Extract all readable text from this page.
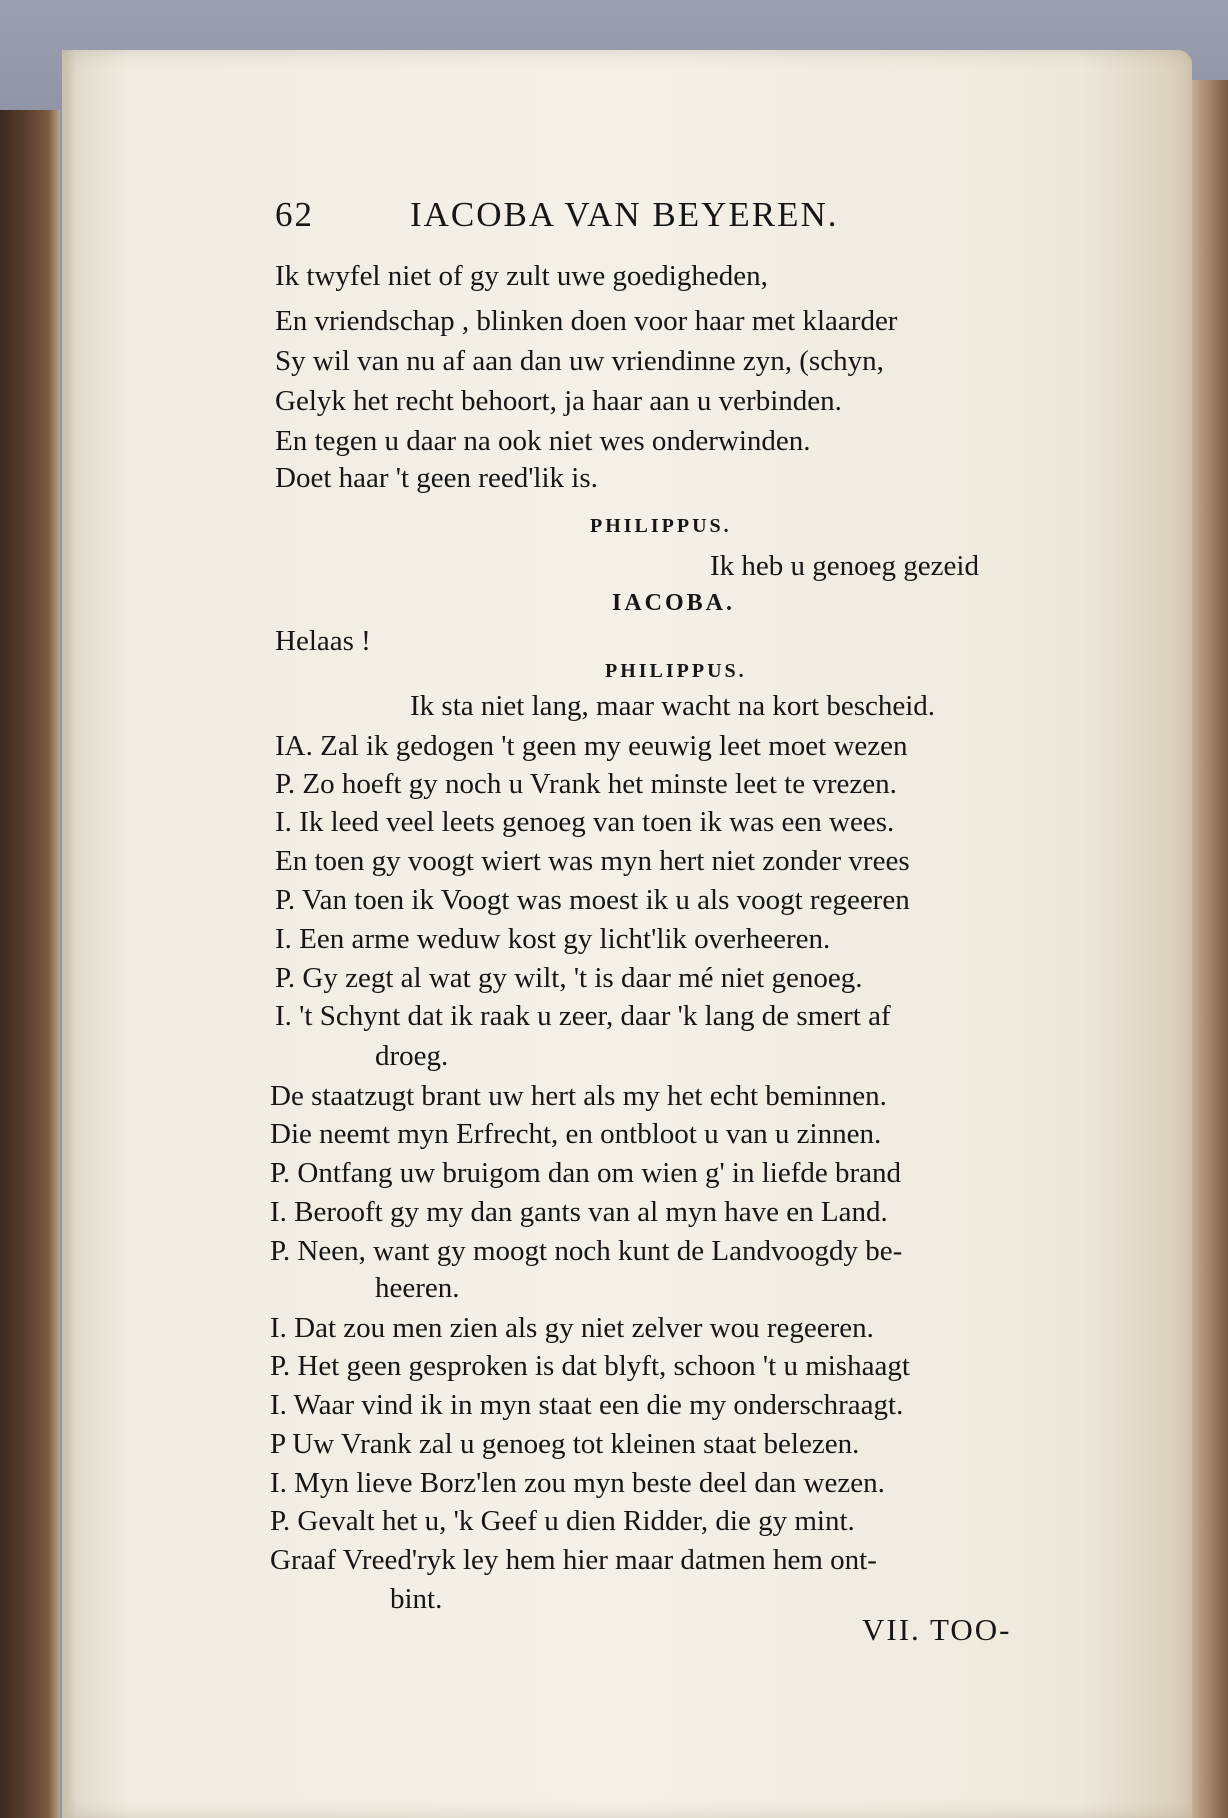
62	IACOBA VAN BEYEREN.
Ik twyfel niet of gy zult uwe goedigheden,
En vriendschap , blinken doen voor haar met klaarder
Sy wil van nu af aan dan uw vriendinne zyn, (schyn,
Gelyk het recht behoort, ja haar aan u verbinden.
En tegen u daar na ook niet wes onderwinden.
Doet haar 't geen reed'lik is.
PHILIPPUS.
Ik heb u genoeg gezeid
IACOBA.
Helaas !
PHILIPPUS.
Ik sta niet lang, maar wacht na kort bescheid.
IA. Zal ik gedogen 't geen my eeuwig leet moet wezen
P. Zo hoeft gy noch u Vrank het minste leet te vrezen.
I. Ik leed veel leets genoeg van toen ik was een wees.
En toen gy voogt wiert was myn hert niet zonder vrees
P. Van toen ik Voogt was moest ik u als voogt regeeren
I. Een arme weduw kost gy licht'lik overheeren.
P. Gy zegt al wat gy wilt, 't is daar mé niet genoeg.
I. 't Schynt dat ik raak u zeer, daar 'k lang de smert af
droeg.
De staatzugt brant uw hert als my het echt beminnen.
Die neemt myn Erfrecht, en ontbloot u van u zinnen.
P. Ontfang uw bruigom dan om wien g' in liefde brand
I. Berooft gy my dan gants van al myn have en Land.
P. Neen, want gy moogt noch kunt de Landvoogdy be-
heeren.
I. Dat zou men zien als gy niet zelver wou regeeren.
P. Het geen gesproken is dat blyft, schoon 't u mishaagt
I. Waar vind ik in myn staat een die my onderschraagt.
P Uw Vrank zal u genoeg tot kleinen staat belezen.
I. Myn lieve Borz'len zou myn beste deel dan wezen.
P. Gevalt het u, 'k Geef u dien Ridder, die gy mint.
Graaf Vreed'ryk ley hem hier maar datmen hem ont-
bint.
VII. TOO-
